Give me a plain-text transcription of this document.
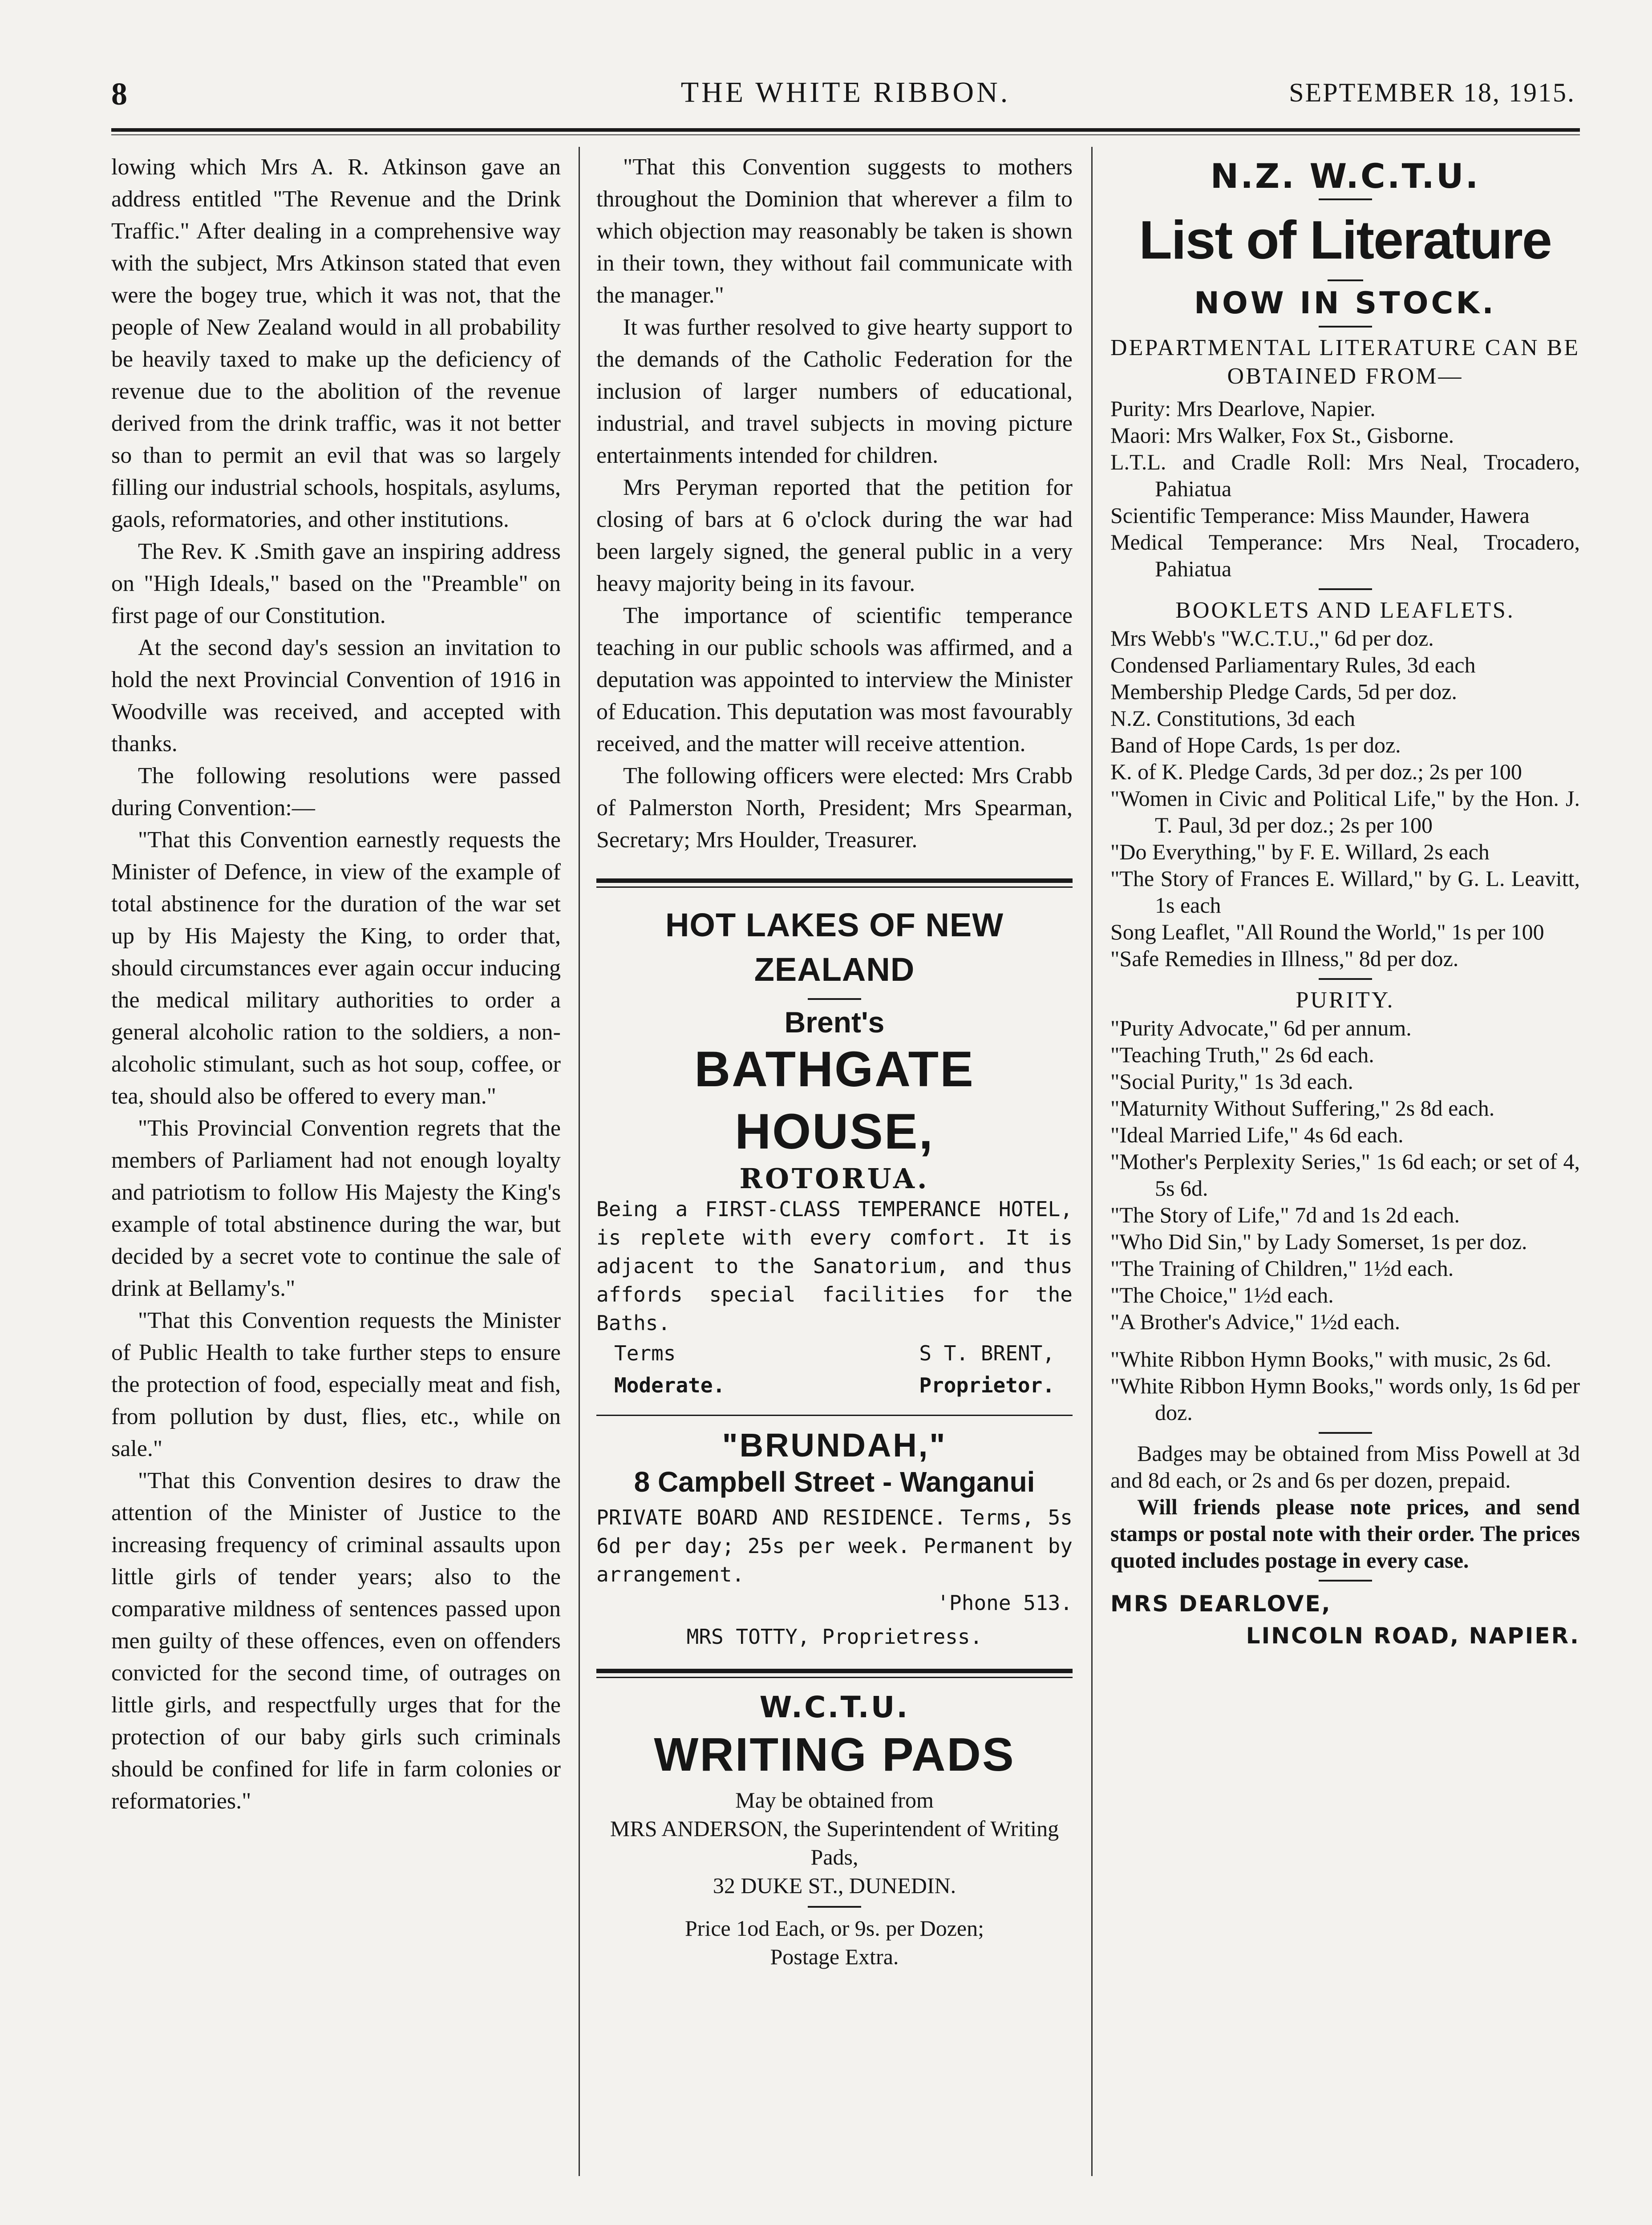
8	THE WHITE RIBBON.	SEPTEMBER 18, 1915.

lowing which Mrs A. R. Atkinson gave an address entitled "The Revenue and the Drink Traffic." After dealing in a comprehensive way with the subject, Mrs Atkinson stated that even were the bogey true, which it was not, that the people of New Zealand would in all probability be heavily taxed to make up the deficiency of revenue due to the abolition of the revenue derived from the drink traffic, was it not better so than to permit an evil that was so largely filling our industrial schools, hospitals, asylums, gaols, reformatories, and other institutions.

The Rev. K .Smith gave an inspiring address on "High Ideals," based on the "Preamble" on first page of our Constitution.

At the second day's session an invitation to hold the next Provincial Convention of 1916 in Woodville was received, and accepted with thanks.

The following resolutions were passed during Convention:—

"That this Convention earnestly requests the Minister of Defence, in view of the example of total abstinence for the duration of the war set up by His Majesty the King, to order that, should circumstances ever again occur inducing the medical military authorities to order a general alcoholic ration to the soldiers, a non-alcoholic stimulant, such as hot soup, coffee, or tea, should also be offered to every man."

"This Provincial Convention regrets that the members of Parliament had not enough loyalty and patriotism to follow His Majesty the King's example of total abstinence during the war, but decided by a secret vote to continue the sale of drink at Bellamy's."

"That this Convention requests the Minister of Public Health to take further steps to ensure the protection of food, especially meat and fish, from pollution by dust, flies, etc., while on sale."

"That this Convention desires to draw the attention of the Minister of Justice to the increasing frequency of criminal assaults upon little girls of tender years; also to the comparative mildness of sentences passed upon men guilty of these offences, even on offenders convicted for the second time, of outrages on little girls, and respectfully urges that for the protection of our baby girls such criminals should be confined for life in farm colonies or reformatories."

"That this Convention suggests to mothers throughout the Dominion that wherever a film to which objection may reasonably be taken is shown in their town, they without fail communicate with the manager."

It was further resolved to give hearty support to the demands of the Catholic Federation for the inclusion of larger numbers of educational, industrial, and travel subjects in moving picture entertainments intended for children.

Mrs Peryman reported that the petition for closing of bars at 6 o'clock during the war had been largely signed, the general public in a very heavy majority being in its favour.

The importance of scientific temperance teaching in our public schools was affirmed, and a deputation was appointed to interview the Minister of Education. This deputation was most favourably received, and the matter will receive attention.

The following officers were elected: Mrs Crabb of Palmerston North, President; Mrs Spearman, Secretary; Mrs Houlder, Treasurer.

HOT LAKES OF NEW ZEALAND
Brent's
BATHGATE HOUSE,
ROTORUA.
Being a FIRST-CLASS TEMPERANCE HOTEL, is replete with every comfort. It is adjacent to the Sanatorium, and thus affords special facilities for the Baths.
Terms	S T. BRENT,
Moderate.	Proprietor.
"BRUNDAH,"
8 Campbell Street - Wanganui
PRIVATE BOARD AND RESIDENCE. Terms, 5s 6d per day; 25s per week. Permanent by arrangement.
'Phone 513.
MRS TOTTY, Proprietress.
W.C.T.U.
WRITING PADS
May be obtained from
MRS ANDERSON, the Superintendent of Writing Pads,
32 DUKE ST., DUNEDIN.
Price 1od Each, or 9s. per Dozen;
Postage Extra.
N.Z. W.C.T.U.
List of Literature
NOW IN STOCK.
DEPARTMENTAL LITERATURE CAN BE OBTAINED FROM—

Purity: Mrs Dearlove, Napier.

Maori: Mrs Walker, Fox St., Gisborne.

L.T.L. and Cradle Roll: Mrs Neal, Trocadero, Pahiatua

Scientific Temperance: Miss Maunder, Hawera

Medical Temperance: Mrs Neal, Trocadero, Pahiatua

BOOKLETS AND LEAFLETS.

Mrs Webb's "W.C.T.U.," 6d per doz.

Condensed Parliamentary Rules, 3d each

Membership Pledge Cards, 5d per doz.

N.Z. Constitutions, 3d each

Band of Hope Cards, 1s per doz.

K. of K. Pledge Cards, 3d per doz.; 2s per 100

"Women in Civic and Political Life," by the Hon. J. T. Paul, 3d per doz.; 2s per 100

"Do Everything," by F. E. Willard, 2s each

"The Story of Frances E. Willard," by G. L. Leavitt, 1s each

Song Leaflet, "All Round the World," 1s per 100

"Safe Remedies in Illness," 8d per doz.

PURITY.

"Purity Advocate," 6d per annum.

"Teaching Truth," 2s 6d each.

"Social Purity," 1s 3d each.

"Maturnity Without Suffering," 2s 8d each.

"Ideal Married Life," 4s 6d each.

"Mother's Perplexity Series," 1s 6d each; or set of 4, 5s 6d.

"The Story of Life," 7d and 1s 2d each.

"Who Did Sin," by Lady Somerset, 1s per doz.

"The Training of Children," 1½d each.

"The Choice," 1½d each.

"A Brother's Advice," 1½d each.

"White Ribbon Hymn Books," with music, 2s 6d.

"White Ribbon Hymn Books," words only, 1s 6d per doz.

Badges may be obtained from Miss Powell at 3d and 8d each, or 2s and 6s per dozen, prepaid.

Will friends please note prices, and send stamps or postal note with their order. The prices quoted includes postage in every case.

MRS DEARLOVE,
LINCOLN ROAD, NAPIER.
